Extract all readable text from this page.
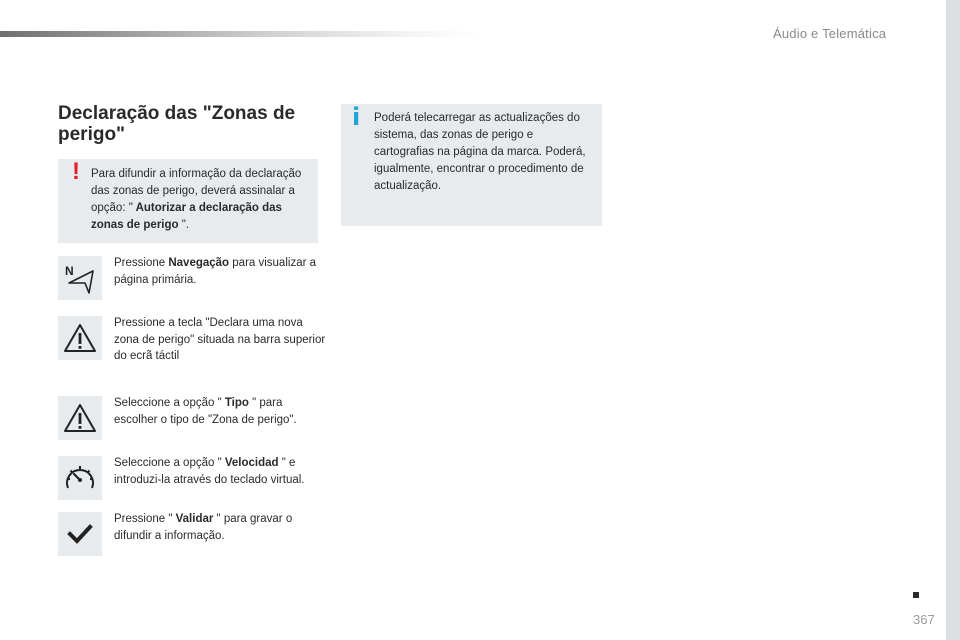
Áudio e Telemática
Declaração das "Zonas de perigo"
! Para difundir a informação da declaração das zonas de perigo, deverá assinalar a opção: " Autorizar a declaração das zonas de perigo ".
i Poderá telecarregar as actualizações do sistema, das zonas de perigo e cartografias na página da marca. Poderá, igualmente, encontrar o procedimento de actualização.
N
Pressione Navegação para visualizar a página primária.
Pressione a tecla "Declara uma nova zona de perigo" situada na barra superior do ecrã táctil
Seleccione a opção " Tipo " para escolher o tipo de "Zona de perigo".
Seleccione a opção " Velocidad " e introduzi-la através do teclado virtual.
Pressione " Validar " para gravar o difundir a informação.
367
